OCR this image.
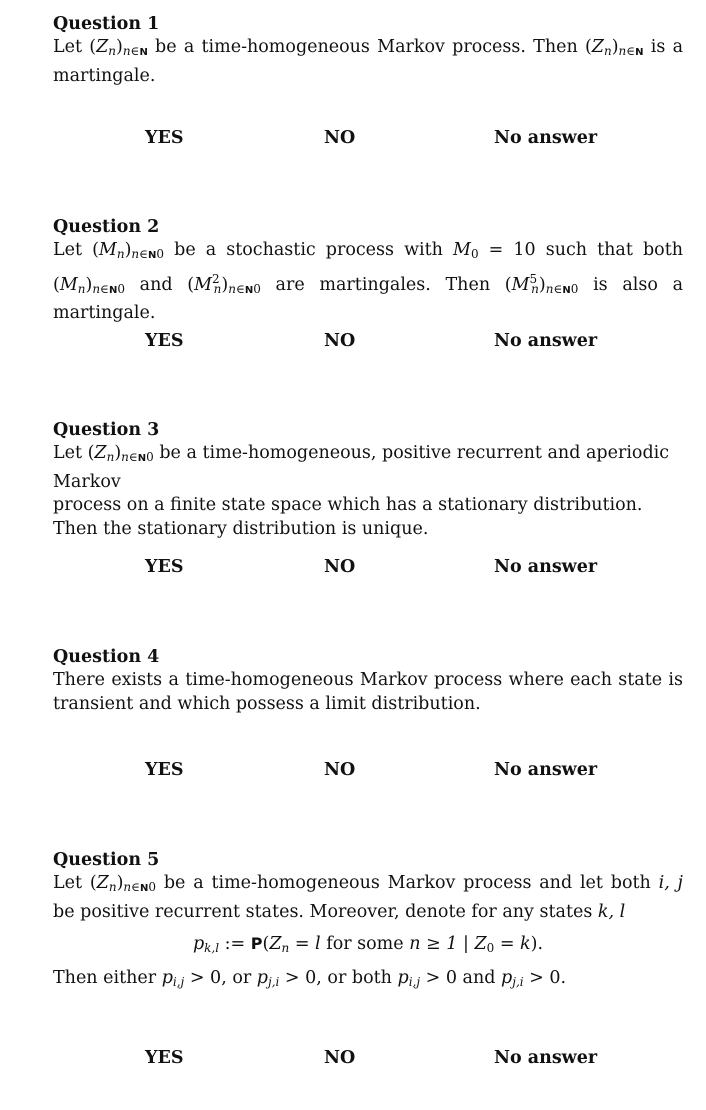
Question 1
Let (Zn)n∈N be a time-homogeneous Markov process. Then (Zn)n∈N is a martingale.
YES	NO	No answer
Question 2
Let (Mn)n∈N0 be a stochastic process with M0 = 10 such that both (Mn)n∈N0 and $(M^2n)n\in N0$ are martingales. Then $(M^5n)n\in N0$ is also a martingale.
YES	NO	No answer
Question 3
Let (Zn)n∈N0 be a time-homogeneous, positive recurrent and aperiodic Markov
process on a finite state space which has a stationary distribution.
Then the stationary distribution is unique.
YES	NO	No answer
Question 4
There exists a time-homogeneous Markov process where each state is transient and which possess a limit distribution.
YES	NO	No answer
Question 5
Let (Zn)n∈N0 be a time-homogeneous Markov process and let both i, j be positive recurrent states. Moreover, denote for any states k, l
pk,l := P(Zn = l for some n ≥ 1 | Z0 = k).
Then either pi,j > 0, or pj,i > 0, or both pi,j > 0 and pj,i > 0.
YES	NO	No answer
